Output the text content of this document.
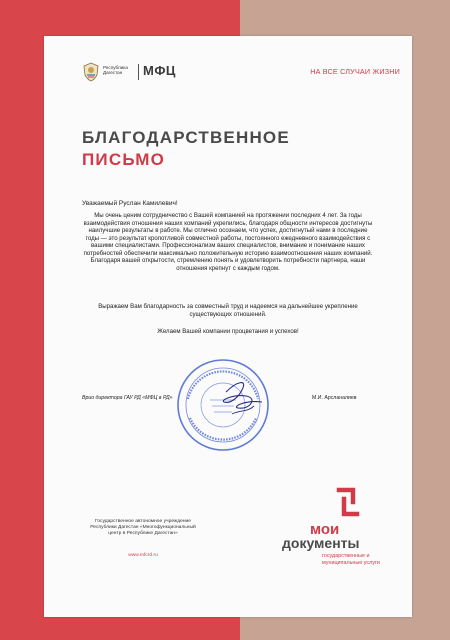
Республика Дагестан	МФЦ	НА ВСЕ СЛУЧАИ ЖИЗНИ
БЛАГОДАРСТВЕННОЕ
ПИСЬМО
Уважаемый Руслан Камилевич!
Мы очень ценим сотрудничество с Вашей компанией на протяжении последних 4 лет. За годы взаимодействия отношения наших компаний укрепились, благодаря общности интересов достигнуты наилучшие результаты в работе. Мы отлично осознаем, что успех, достигнутый нами в последние годы — это результат кропотливой совместной работы, постоянного ежедневного взаимодействия с вашими специалистами. Профессионализм ваших специалистов, внимание и понимание наших потребностей обеспечили максимально положительную историю взаимоотношения наших компаний. Благодаря вашей открытости, стремлению понять и удовлетворить потребности партнера, наши отношения крепнут с каждым годом.
Выражаем Вам благодарность за совместный труд и надеемся на дальнейшее укрепление существующих отношений.
Желаем Вашей компании процветания и успехов!
Врио директора ГАУ РД «МФЦ в РД»	М.И. Арсланалиев
Государственное автономное учреждение Республики Дагестан «Многофункциональный центр в Республике Дагестан»
www.mfcrd.ru
мои
документы
государственные и муниципальные услуги
